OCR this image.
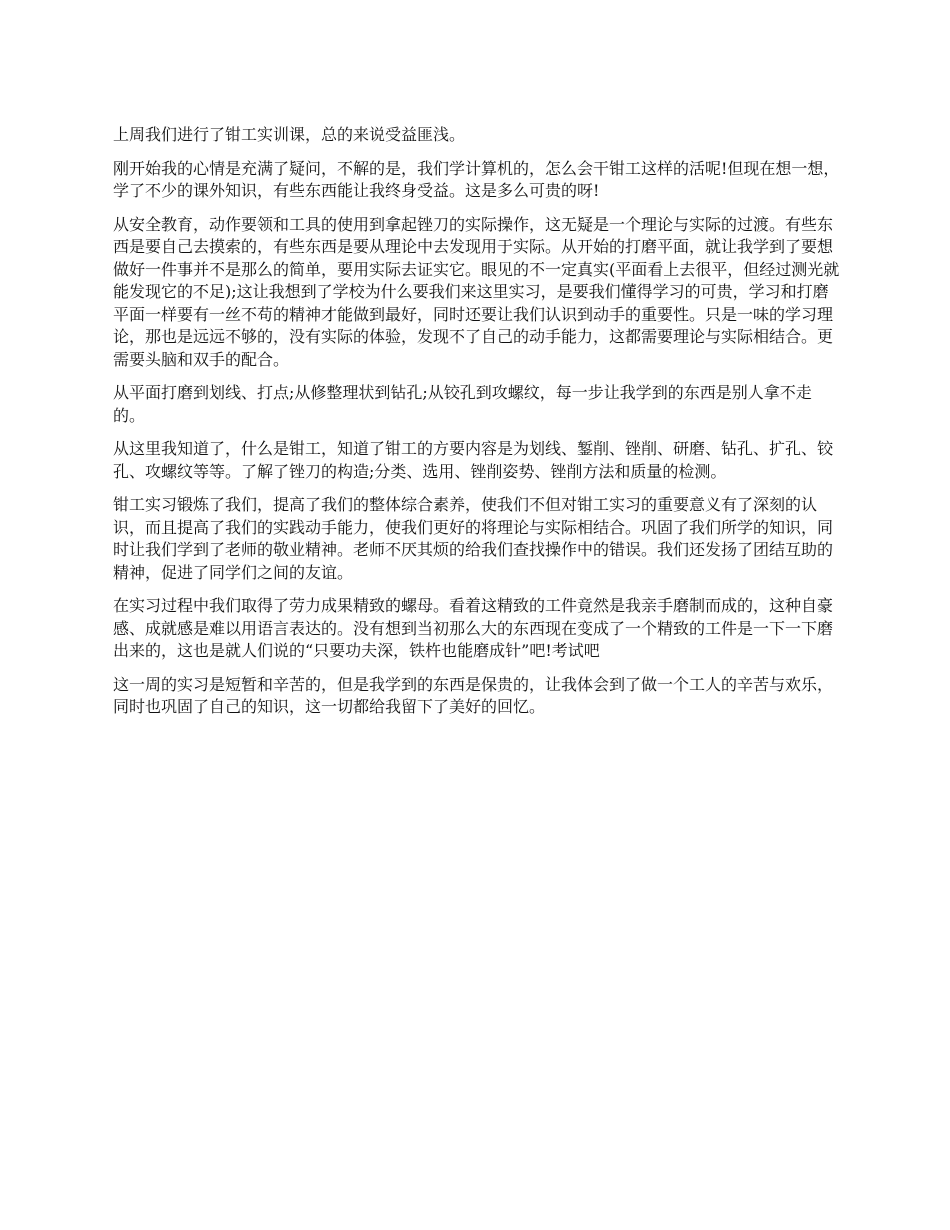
上周我们进行了钳工实训课，总的来说受益匪浅。

刚开始我的心情是充满了疑问，不解的是，我们学计算机的，怎么会干钳工这样的活呢!但现在想一想，学了不少的课外知识，有些东西能让我终身受益。这是多么可贵的呀!

从安全教育，动作要领和工具的使用到拿起锉刀的实际操作，这无疑是一个理论与实际的过渡。有些东西是要自己去摸索的，有些东西是要从理论中去发现用于实际。从开始的打磨平面，就让我学到了要想做好一件事并不是那么的简单，要用实际去证实它。眼见的不一定真实(平面看上去很平，但经过测光就能发现它的不足);这让我想到了学校为什么要我们来这里实习，是要我们懂得学习的可贵，学习和打磨平面一样要有一丝不苟的精神才能做到最好，同时还要让我们认识到动手的重要性。只是一味的学习理论，那也是远远不够的，没有实际的体验，发现不了自己的动手能力，这都需要理论与实际相结合。更需要头脑和双手的配合。

从平面打磨到划线、打点;从修整理状到钻孔;从铰孔到攻螺纹，每一步让我学到的东西是别人拿不走的。

从这里我知道了，什么是钳工，知道了钳工的方要内容是为划线、錾削、锉削、研磨、钻孔、扩孔、铰孔、攻螺纹等等。了解了锉刀的构造;分类、选用、锉削姿势、锉削方法和质量的检测。

钳工实习锻炼了我们，提高了我们的整体综合素养，使我们不但对钳工实习的重要意义有了深刻的认识，而且提高了我们的实践动手能力，使我们更好的将理论与实际相结合。巩固了我们所学的知识，同时让我们学到了老师的敬业精神。老师不厌其烦的给我们查找操作中的错误。我们还发扬了团结互助的精神，促进了同学们之间的友谊。

在实习过程中我们取得了劳力成果精致的螺母。看着这精致的工件竟然是我亲手磨制而成的，这种自豪感、成就感是难以用语言表达的。没有想到当初那么大的东西现在变成了一个精致的工件是一下一下磨出来的，这也是就人们说的“只要功夫深，铁杵也能磨成针”吧!考试吧

这一周的实习是短暂和辛苦的，但是我学到的东西是保贵的，让我体会到了做一个工人的辛苦与欢乐，同时也巩固了自己的知识，这一切都给我留下了美好的回忆。
